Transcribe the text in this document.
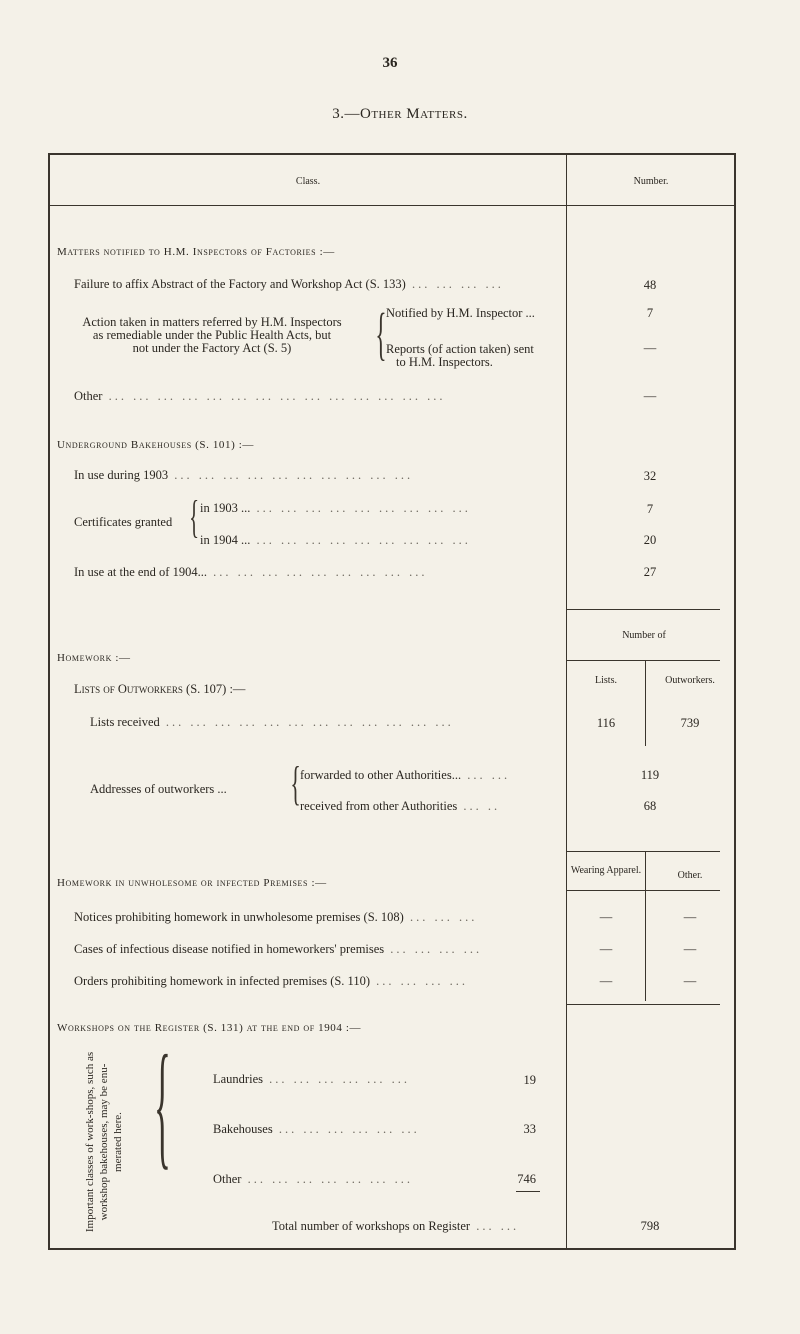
36
3.—Other Matters.
Class.	Number.
Matters notified to H.M. Inspectors of Factories :—
Failure to affix Abstract of the Factory and Workshop Act (S. 133) ... ... ... ...	48
Action taken in matters referred by H.M. Inspectors
as remediable under the Public Health Acts, but
not under the Factory Act (S. 5)	{ Notified by H.M. Inspector ...	7
Reports (of action taken) sent
to H.M. Inspectors.
—
Other ... ... ... ... ... ... ... ... ... ... ... ... ... ...	—
Underground Bakehouses (S. 101) :—
In use during 1903 ... ... ... ... ... ... ... ... ... ...	32
Certificates granted { in 1903 ... ... ... ... ... ... ... ... ... ...	7
in 1904 ... ... ... ... ... ... ... ... ... ...	20
In use at the end of 1904... ... ... ... ... ... ... ... ... ...	27
Number of
Homework :—
Lists.	Outworkers.
Lists of Outworkers (S. 107) :—
Lists received ... ... ... ... ... ... ... ... ... ... ... ...	116	739
Addresses of outworkers ... { forwarded to other Authorities... ... ...	119
received from other Authorities ... ..	68
Wearing Apparel.	Other.
Homework in unwholesome or infected Premises :—
Notices prohibiting homework in unwholesome premises (S. 108) ... ... ...	—	—
Cases of infectious disease notified in homeworkers' premises ... ... ... ...	—	—
Orders prohibiting homework in infected premises (S. 110) ... ... ... ...	—	—
Workshops on the Register (S. 131) at the end of 1904 :—
Important classes of work-shops, such as workshop bakehouses, may be enu-merated here. {	Laundries ... ... ... ... ... ...	19
Bakehouses ... ... ... ... ... ...	33
Other ... ... ... ... ... ... ...	746
Total number of workshops on Register ... ...	798
